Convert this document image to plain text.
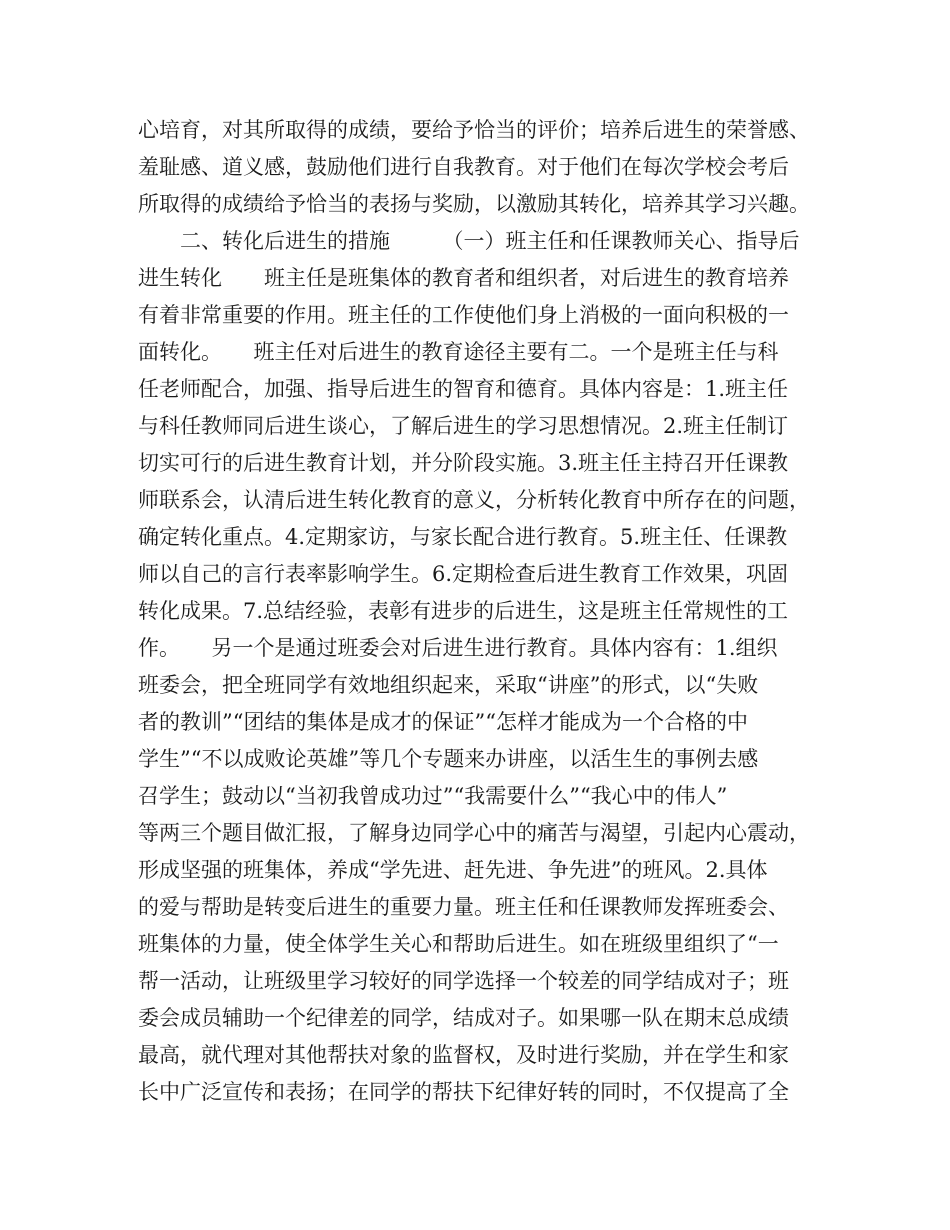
心培育，对其所取得的成绩，要给予恰当的评价；培养后进生的荣誉感、
羞耻感、道义感，鼓励他们进行自我教育。对于他们在每次学校会考后
所取得的成绩给予恰当的表扬与奖励，以激励其转化，培养其学习兴趣。
　　二、转化后进生的措施　　　（一）班主任和任课教师关心、指导后
进生转化　　班主任是班集体的教育者和组织者，对后进生的教育培养
有着非常重要的作用。班主任的工作使他们身上消极的一面向积极的一
面转化。　　班主任对后进生的教育途径主要有二。一个是班主任与科
任老师配合，加强、指导后进生的智育和德育。具体内容是：1.班主任
与科任教师同后进生谈心，了解后进生的学习思想情况。2.班主任制订
切实可行的后进生教育计划，并分阶段实施。3.班主任主持召开任课教
师联系会，认清后进生转化教育的意义，分析转化教育中所存在的问题，
确定转化重点。4.定期家访，与家长配合进行教育。5.班主任、任课教
师以自己的言行表率影响学生。6.定期检查后进生教育工作效果，巩固
转化成果。7.总结经验，表彰有进步的后进生，这是班主任常规性的工
作。　　另一个是通过班委会对后进生进行教育。具体内容有：1.组织
班委会，把全班同学有效地组织起来，采取“讲座”的形式，以“失败
者的教训”“团结的集体是成才的保证”“怎样才能成为一个合格的中
学生”“不以成败论英雄”等几个专题来办讲座，以活生生的事例去感
召学生；鼓动以“当初我曾成功过”“我需要什么”“我心中的伟人”
等两三个题目做汇报，了解身边同学心中的痛苦与渴望，引起内心震动，
形成坚强的班集体，养成“学先进、赶先进、争先进”的班风。2.具体
的爱与帮助是转变后进生的重要力量。班主任和任课教师发挥班委会、
班集体的力量，使全体学生关心和帮助后进生。如在班级里组织了“一
帮一活动，让班级里学习较好的同学选择一个较差的同学结成对子；班
委会成员辅助一个纪律差的同学，结成对子。如果哪一队在期末总成绩
最高，就代理对其他帮扶对象的监督权，及时进行奖励，并在学生和家
长中广泛宣传和表扬；在同学的帮扶下纪律好转的同时，不仅提高了全
